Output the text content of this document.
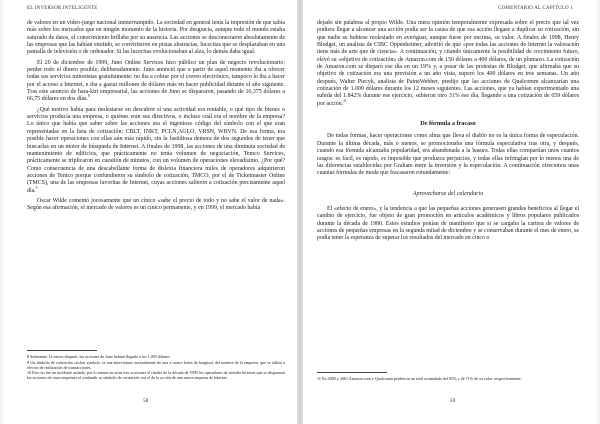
EL INVERSOR INTELIGENTE

de valores en un video-juego nacional ininterrumpido. La sociedad en general tenía la impresión de que sabía más sobre los mercados que en ningún momento de la historia. Por desgracia, aunque todo el mundo estaba saturado de datos, el conocimiento brillaba por su ausencia. Las acciones se desconectaron absolutamente de las empresas que las habían emitido, se convirtieron en pistas abstractas, lucecitas que se desplazaban en una pantalla de televisión o de ordenador. Si las lucecitas evolucionaban al alza, lo demás daba igual.

El 20 de diciembre de 1999, Juno Online Services hizo público un plan de negocio revolucionario: perder todo el dinero posible, deliberadamente. Juno anunció que a partir de aquel momento iba a ofrecer todas sus servicios minoristas gratuitamente: no iba a cobrar por el correo electrónico, tampoco lo iba a hacer por el acceso a Internet, e iba a gastar millones de dólares más en hacer publicidad durante el año siguiente. Tras este anuncio de hara-kiri empresarial, las acciones de Juno se dispararon, pasando de 16,375 dólares a 66,75 dólares en dos días.$^8$

¿Qué motivo había para molestarse en descubrir si una actividad era rentable, o qué tipo de bienes o servicios producía una empresa, o quiénes eran sus directivos, o incluso cuál era el nombre de la empresa? Lo único que había que saber sobre las acciones era el ingenioso código del símbolo con el que eran representadas en la lista de cotización: CBLT, INKT, PCLN,AGLO, VRSN, WBVN. De esa forma, era posible hacer operaciones con ellas aún más rápido, sin la fastidiosa demora de dos segundos de tener que buscarlas en un motor de búsqueda de Internet. A finales de 1998, las acciones de una diminuta sociedad de mantenimiento de edificios, que prácticamente no tenía volumen de negociación, Temco Services, prácticamente se triplicaron en cuestión de minutos, con un volumen de operaciones elevadísimo. ¿Por qué? Como consecuencia de una descabellante forma de dislexia financiera miles de operadores adquirieron acciones de Temco porque confundieron su símbolo de cotización, TMCO, por el de Ticketmaster Online (TMCS), una de las empresas favoritas de Internet, cuyas acciones salieron a cotización precisamente aquel día.$^9$

Oscar Wilde comentó jocosamente que un cínico «sabe el precio de todo y no sabe el valor de nada». Según esa afirmación, el mercado de valores es un cínico permanente, y en 1999, el mercado había

8 Solamente 12 meses después, las acciones de Juno habían llegado a los 1,093 dólares.

9 Un símbolo de cotización «ticker symbol» es una abreviatura, normalmente de una a cuatro letras de longitud, del nombre de la empresa, que se utiliza a efectos de realización de transacciones.

10 Esto no fue un incidente aislado; por lo menos en otras tres ocasiones al finales de la década de 1990 los operadores de intradía hicieron que se dispararan las acciones de otras empresas al confundir su símbolo de cotización con el de la acción de una nueva empresa de Internet.

58
COMENTARIO AL CAPÍTULO 1

dejado sin palabras al propio Wilde. Una mera opinión temporalmente expresada sobre el precio que tal vez pudiera llegar a alcanzar una acción podía ser la causa de que esa acción llegase a duplicar su cotización, sin que nadie se hubiese molestado en averiguar, aunque fuese por encima, su valor. A finales de 1998, Henry Blodget, un analista de CIBC Oppenheimer, advirtió de que «por todas las acciones de Internet la valoración tiene más de arte que de ciencia». A continuación, y citando únicamente la posibilidad de crecimiento futuro, elevó su «objetivo de cotización» de Amazon.com de 150 dólares a 400 dólares, de un plumazo. La cotización de Amazon.com se disparó ese día en un 19% y, a pesar de las protestas de Blodget, que afirmaba que su objetivo de cotización era una previsión a un año vista, superó los 400 dólares en tres semanas. Un año después, Walter Piecyk, analista de PaineWebber, predijo que las acciones de Qualcomm alcanzarían una cotización de 1.000 dólares durante los 12 meses siguientes. Las acciones, que ya habían experimentado una subida del 1.842% durante ese ejercicio, subieron otro 31% ese día, llegando a una cotización de 659 dólares por acción.$^{11}$

De fórmula a fracaso

De todas formas, hacer operaciones como alma que lleva el diablo no es la única forma de especulación. Durante la última década, más o menos, se promocionaba una fórmula especulativa tras otra, y después, cuando esa fórmula alcanzaba popularidad, era abandonada a la basura. Todas ellas compartían unos cuantos rasgos: es fácil, es rápido, es imposible que produzca perjuicios, y todas ellas infringían por lo menos una de las diferencias establecidas por Graham entre la inversión y la especulación. A continuación ofrecemos unas cuantas fórmulas de moda que fracasaron rotundamente:

Aprovecharse del calendario

El «efecto de enero», y la tendencia a que las pequeñas acciones generasen grandes beneficios al llegar el cambio de ejercicio, fue objeto de gran promoción en artículos académicos y libros populares publicados durante la década de 1980. Estos estudios ponían de manifiesto que si se cargaba la cartera de valores de acciones de pequeñas empresas en la segunda mitad de diciembre y se conservaban durante el mes de enero, se podía tener la esperanza de superar los resultados del mercado en cinco o

11 En 2000 y 2001 Amazon.com y Qualcomm perdieron un total acumulado del 85% y de 71% de su valor, respectivamente.

59
